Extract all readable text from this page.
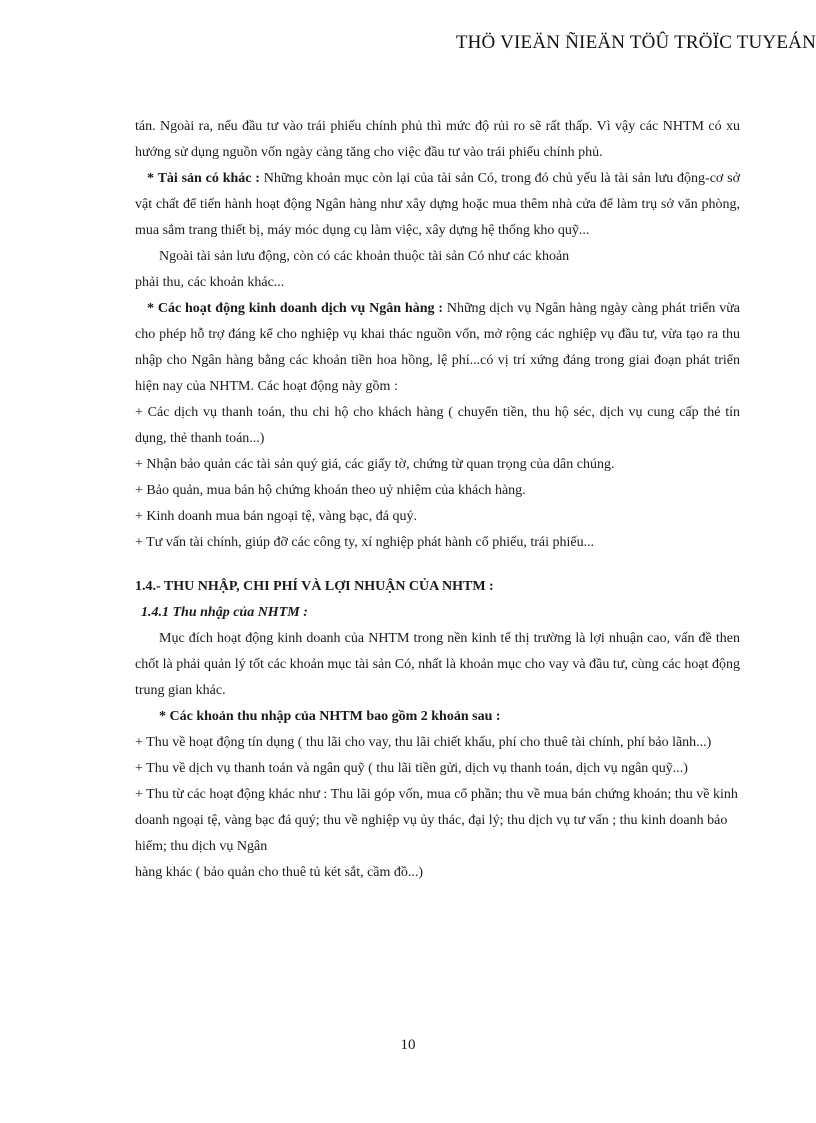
THÖ VIEÄN ÑIEÄN TÖÛ TRÖÏC TUYEÁN

tán. Ngoài ra, nếu đầu tư vào trái phiếu chính phủ thì mức độ rủi ro sẽ rất thấp. Vì vậy các NHTM có xu hướng sử dụng nguồn vốn ngày càng tăng cho việc đầu tư vào trái phiếu chính phủ.

* Tài sản có khác : Những khoản mục còn lại của tài sản Có, trong đó chủ yếu là tài sản lưu động-cơ sở vật chất để tiến hành hoạt động Ngân hàng như xây dựng hoặc mua thêm nhà cửa để làm trụ sở văn phòng, mua sắm trang thiết bị, máy móc dụng cụ làm việc, xây dựng hệ thống kho quỹ...

Ngoài tài sản lưu động, còn có các khoản thuộc tài sản Có như các khoản

phải thu, các khoản khác...

* Các hoạt động kinh doanh dịch vụ Ngân hàng : Những dịch vụ Ngân hàng ngày càng phát triển vừa cho phép hỗ trợ đáng kể cho nghiệp vụ khai thác nguồn vốn, mở rộng các nghiệp vụ đầu tư, vừa tạo ra thu nhập cho Ngân hàng bằng các khoản tiền hoa hồng, lệ phí...có vị trí xứng đáng trong giai đoạn phát triển hiện nay của NHTM. Các hoạt động này gồm :

+ Các dịch vụ thanh toán, thu chi hộ cho khách hàng ( chuyển tiền, thu hộ séc, dịch vụ cung cấp thẻ tín dụng, thẻ thanh toán...)

+ Nhận bảo quản các tài sản quý giá, các giấy tờ, chứng từ quan trọng của dân chúng.

+ Bảo quản, mua bán hộ chứng khoán theo uỷ nhiệm của khách hàng.

+ Kinh doanh mua bán ngoại tệ, vàng bạc, đá quý.

+ Tư vấn tài chính, giúp đỡ các công ty, xí nghiệp phát hành cổ phiếu, trái phiếu...

1.4.- THU NHẬP, CHI PHÍ VÀ LỢI NHUẬN CỦA NHTM :

1.4.1 Thu nhập của NHTM :

Mục đích hoạt động kinh doanh của NHTM trong nền kinh tế thị trường là lợi nhuận cao, vấn đề then chốt là phải quản lý tốt các khoản mục tài sản Có, nhất là khoản mục cho vay và đầu tư, cùng các hoạt động trung gian khác.

* Các khoản thu nhập của NHTM bao gồm 2 khoản sau :

+ Thu về hoạt động tín dụng ( thu lãi cho vay, thu lãi chiết khấu, phí cho thuê tài chính, phí bảo lãnh...)

+ Thu về dịch vụ thanh toán và ngân quỹ ( thu lãi tiền gửi, dịch vụ thanh toán, dịch vụ ngân quỹ...)

+ Thu từ các hoạt động khác như : Thu lãi góp vốn, mua cổ phần; thu về mua bán chứng khoán; thu về kinh doanh ngoại tệ, vàng bạc đá quý; thu về nghiệp vụ ủy thác, đại lý; thu dịch vụ tư vấn ; thu kinh doanh bảo hiểm; thu dịch vụ Ngân

hàng khác ( bảo quản cho thuê tủ két sắt, cầm đồ...)

10
